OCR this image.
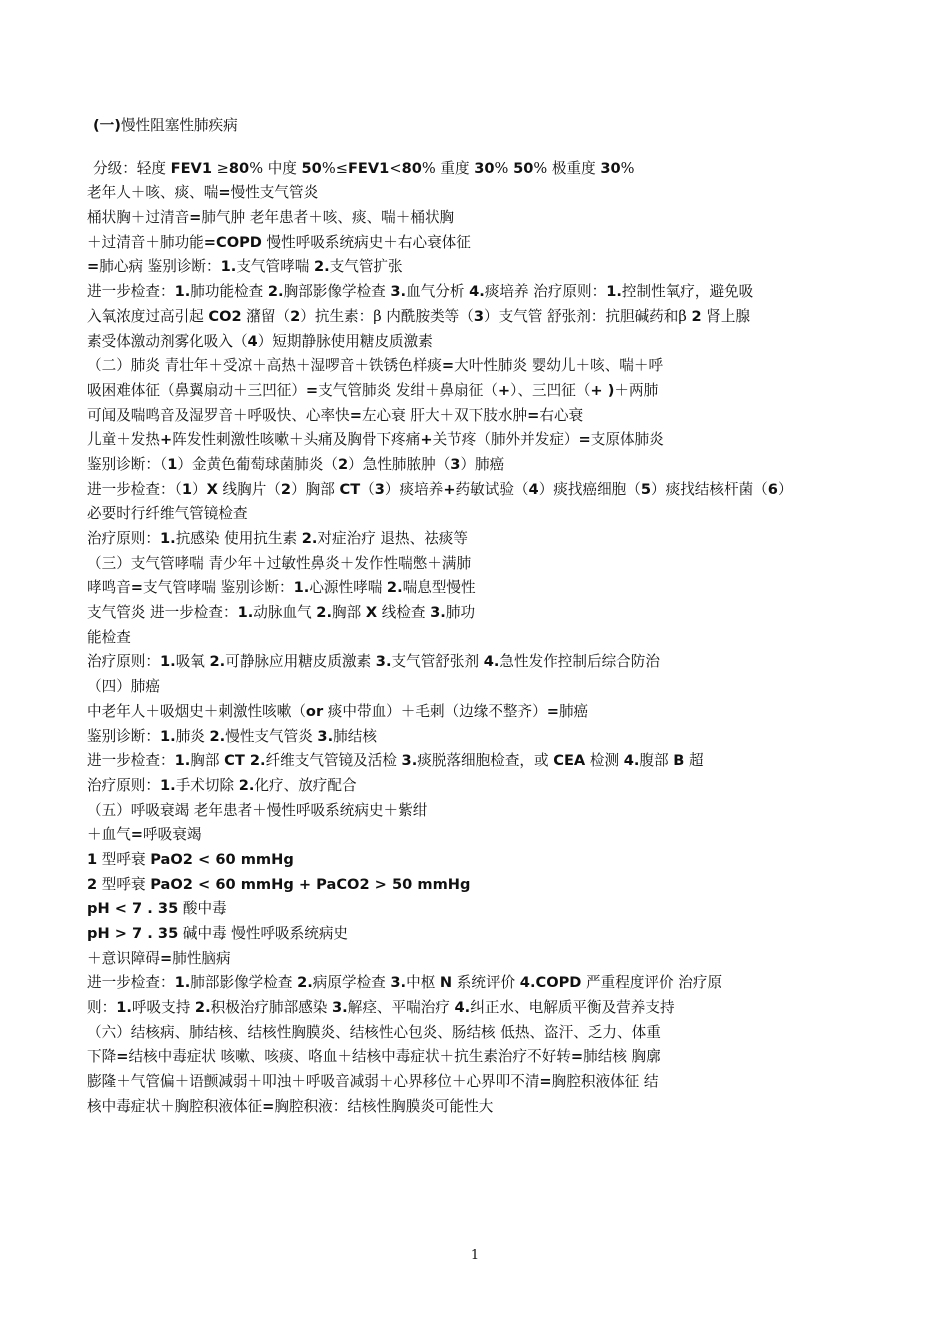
(一)慢性阻塞性肺疾病
分级：轻度 FEV1 ≥80% 中度 50%≤FEV1<80% 重度 30% 50% 极重度 30%
老年人＋咳、痰、喘=慢性支气管炎
桶状胸＋过清音=肺气肿 老年患者＋咳、痰、喘＋桶状胸
＋过清音＋肺功能=COPD 慢性呼吸系统病史＋右心衰体征
=肺心病 鉴别诊断：1.支气管哮喘 2.支气管扩张
进一步检查：1.肺功能检查 2.胸部影像学检查 3.血气分析 4.痰培养 治疗原则：1.控制性氧疗，避免吸
入氧浓度过高引起 CO2 潴留（2）抗生素：β 内酰胺类等（3）支气管 舒张剂：抗胆碱药和β 2 肾上腺
素受体激动剂雾化吸入（4）短期静脉使用糖皮质激素
（二）肺炎 青壮年＋受凉＋高热＋湿啰音＋铁锈色样痰=大叶性肺炎 婴幼儿＋咳、喘＋呼
吸困难体征（鼻翼扇动＋三凹征）=支气管肺炎 发绀＋鼻扇征（+）、三凹征（+ )＋两肺
可闻及喘鸣音及湿罗音＋呼吸快、心率快=左心衰 肝大＋双下肢水肿=右心衰
儿童＋发热+阵发性刺激性咳嗽＋头痛及胸骨下疼痛+关节疼（肺外并发症）=支原体肺炎
鉴别诊断：（1）金黄色葡萄球菌肺炎（2）急性肺脓肿（3）肺癌
进一步检查：（1）X 线胸片（2）胸部 CT（3）痰培养+药敏试验（4）痰找癌细胞（5）痰找结核杆菌（6）
必要时行纤维气管镜检查
治疗原则：1.抗感染 使用抗生素 2.对症治疗 退热、祛痰等
（三）支气管哮喘 青少年＋过敏性鼻炎＋发作性喘憋＋满肺
哮鸣音=支气管哮喘 鉴别诊断：1.心源性哮喘 2.喘息型慢性
支气管炎 进一步检查：1.动脉血气 2.胸部 X 线检查 3.肺功
能检查
治疗原则：1.吸氧 2.可静脉应用糖皮质激素 3.支气管舒张剂 4.急性发作控制后综合防治
（四）肺癌
中老年人＋吸烟史＋刺激性咳嗽（or 痰中带血）＋毛刺（边缘不整齐）=肺癌
鉴别诊断：1.肺炎 2.慢性支气管炎 3.肺结核
进一步检查：1.胸部 CT 2.纤维支气管镜及活检 3.痰脱落细胞检查，或 CEA 检测 4.腹部 B 超
治疗原则：1.手术切除 2.化疗、放疗配合
（五）呼吸衰竭 老年患者＋慢性呼吸系统病史＋紫绀
＋血气=呼吸衰竭
1 型呼衰 PaO2 < 60 mmHg
2 型呼衰 PaO2 < 60 mmHg + PaCO2 > 50 mmHg
pH < 7 . 35 酸中毒
pH > 7 . 35 碱中毒 慢性呼吸系统病史
＋意识障碍=肺性脑病
进一步检查：1.肺部影像学检查 2.病原学检查 3.中枢 N 系统评价 4.COPD 严重程度评价 治疗原
则：1.呼吸支持 2.积极治疗肺部感染 3.解痉、平喘治疗 4.纠正水、电解质平衡及营养支持
（六）结核病、肺结核、结核性胸膜炎、结核性心包炎、肠结核 低热、盗汗、乏力、体重
下降=结核中毒症状 咳嗽、咳痰、咯血＋结核中毒症状＋抗生素治疗不好转=肺结核 胸廓
膨隆＋气管偏＋语颤减弱＋叩浊＋呼吸音减弱＋心界移位＋心界叩不清=胸腔积液体征 结
核中毒症状＋胸腔积液体征=胸腔积液：结核性胸膜炎可能性大
1
